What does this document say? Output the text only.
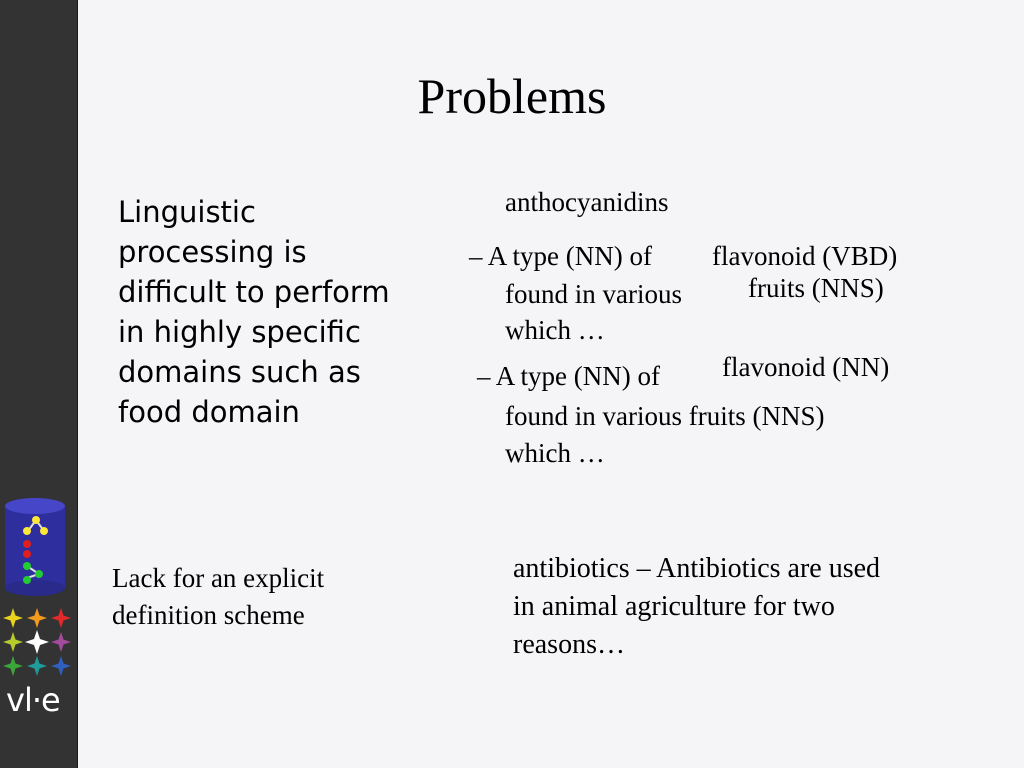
vl·e
Problems

Linguistic
processing is
difficult to perform
in highly specific
domains such as
food domain

anthocyanidins

– A type (NN) of flavonoid (VBD)

found in various fruits (NNS)

which …

– A type (NN) of flavonoid (NN)

found in various fruits (NNS)
which …

Lack for an explicit
definition scheme

antibiotics – Antibiotics are used
in animal agriculture for two
reasons…
